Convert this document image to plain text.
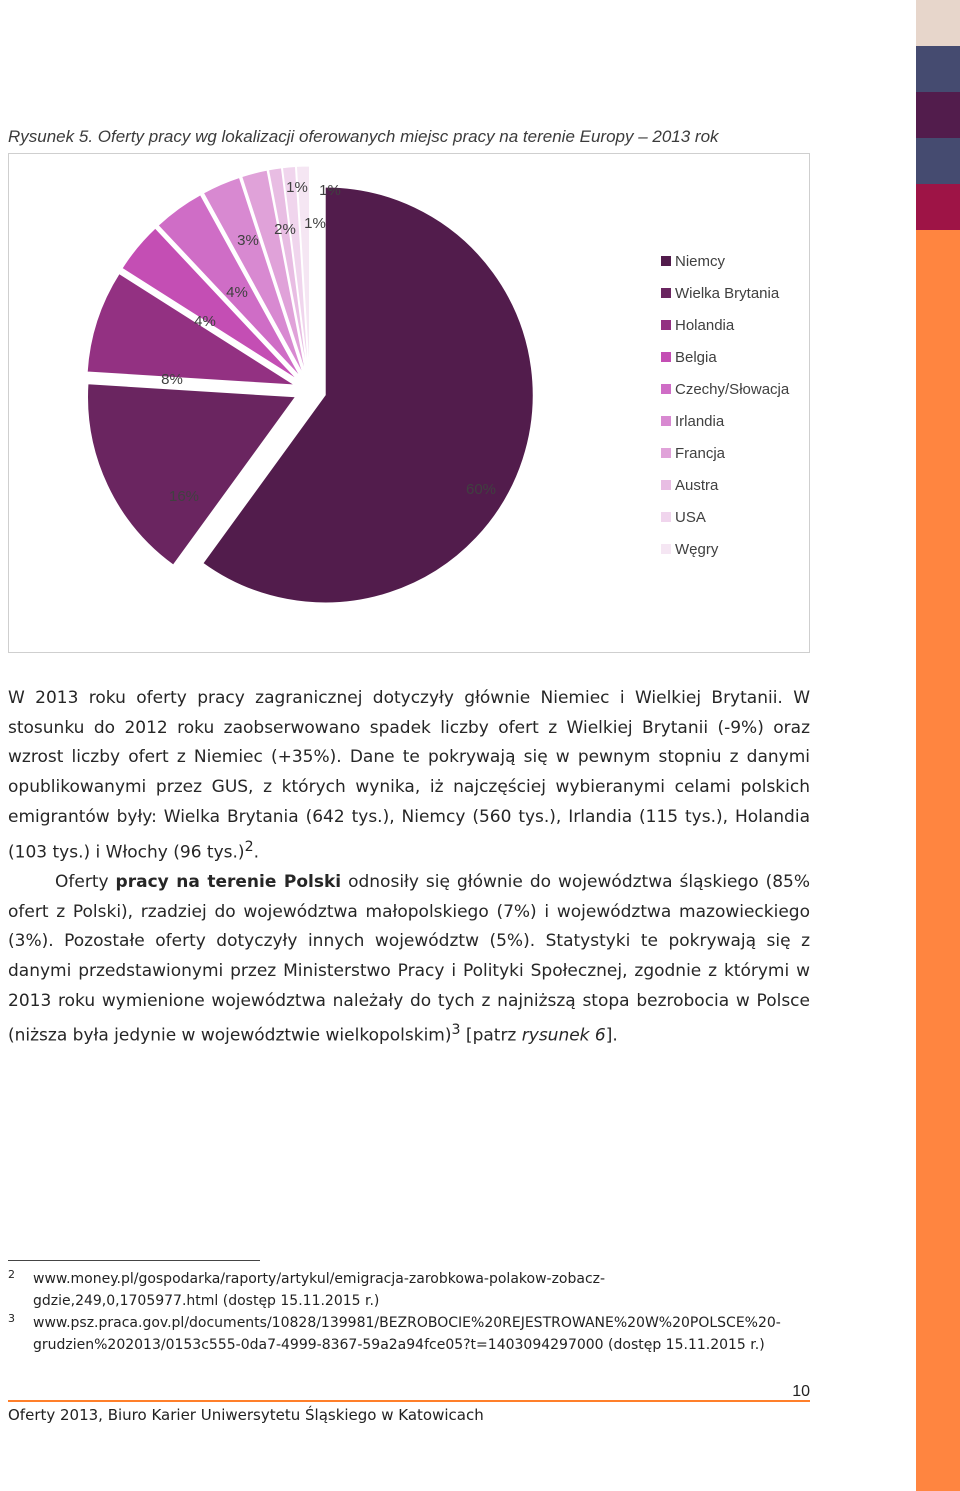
Rysunek 5. Oferty pracy wg lokalizacji oferowanych miejsc pracy na terenie Europy – 2013 rok
60%
16%
8%
4%
4%
3%
2%
1% 1%
1%
Niemcy
Wielka Brytania
Holandia
Belgia
Czechy/Słowacja
Irlandia
Francja
Austra
USA
Węgry

W 2013 roku oferty pracy zagranicznej dotyczyły głównie Niemiec i Wielkiej Brytanii. W stosunku do 2012 roku zaobserwowano spadek liczby ofert z Wielkiej Brytanii (-9%) oraz wzrost liczby ofert z Niemiec (+35%). Dane te pokrywają się w pewnym stopniu z danymi opublikowanymi przez GUS, z których wynika, iż najczęściej wybieranymi celami polskich emigrantów były: Wielka Brytania (642 tys.), Niemcy (560 tys.), Irlandia (115 tys.), Holandia (103 tys.) i Włochy (96 tys.)$^2$.

Oferty pracy na terenie Polski odnosiły się głównie do województwa śląskiego (85% ofert z Polski), rzadziej do województwa małopolskiego (7%) i województwa mazowieckiego (3%). Pozostałe oferty dotyczyły innych województw (5%). Statystyki te pokrywają się z danymi przedstawionymi przez Ministerstwo Pracy i Polityki Społecznej, zgodnie z którymi w 2013 roku wymienione województwa należały do tych z najniższą stopa bezrobocia w Polsce (niższa była jedynie w województwie wielkopolskim)$^3$ [patrz rysunek 6].

2 www.money.pl/gospodarka/raporty/artykul/emigracja-zarobkowa-polakow-zobacz-
gdzie,249,0,1705977.html (dostęp 15.11.2015 r.)
3 www.psz.praca.gov.pl/documents/10828/139981/BEZROBOCIE%20REJESTROWANE%20W%20POLSCE%20-
grudzien%202013/0153c555-0da7-4999-8367-59a2a94fce05?t=1403094297000 (dostęp 15.11.2015 r.)
10
Oferty 2013, Biuro Karier Uniwersytetu Śląskiego w Katowicach
